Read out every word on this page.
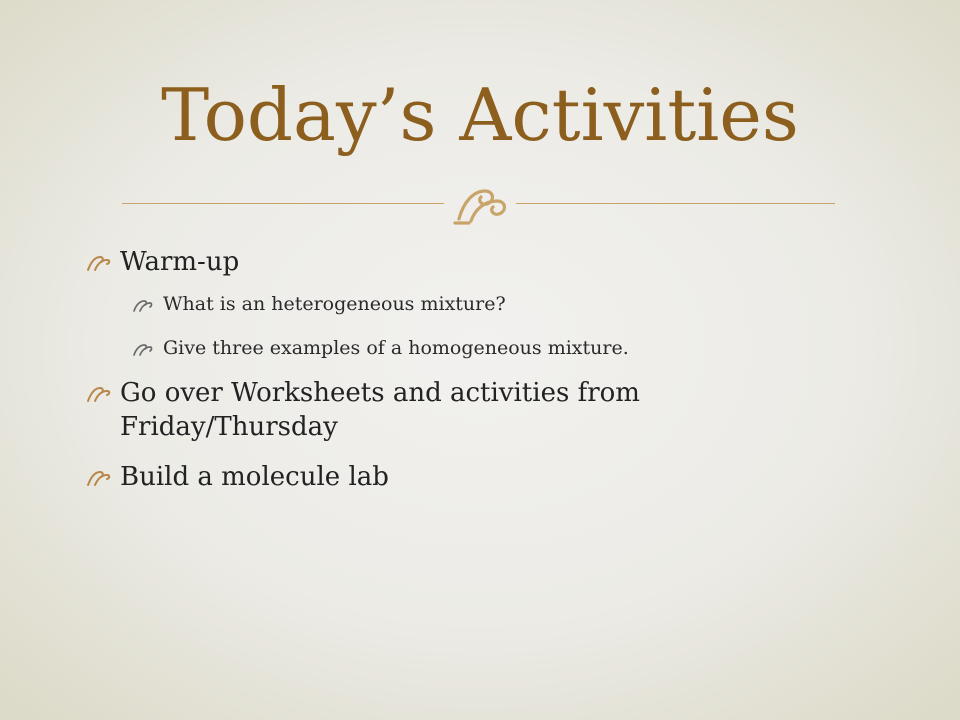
Today’s Activities
Warm-up
What is an heterogeneous mixture?
Give three examples of a homogeneous mixture.
Go over Worksheets and activities from
Friday/Thursday
Build a molecule lab
